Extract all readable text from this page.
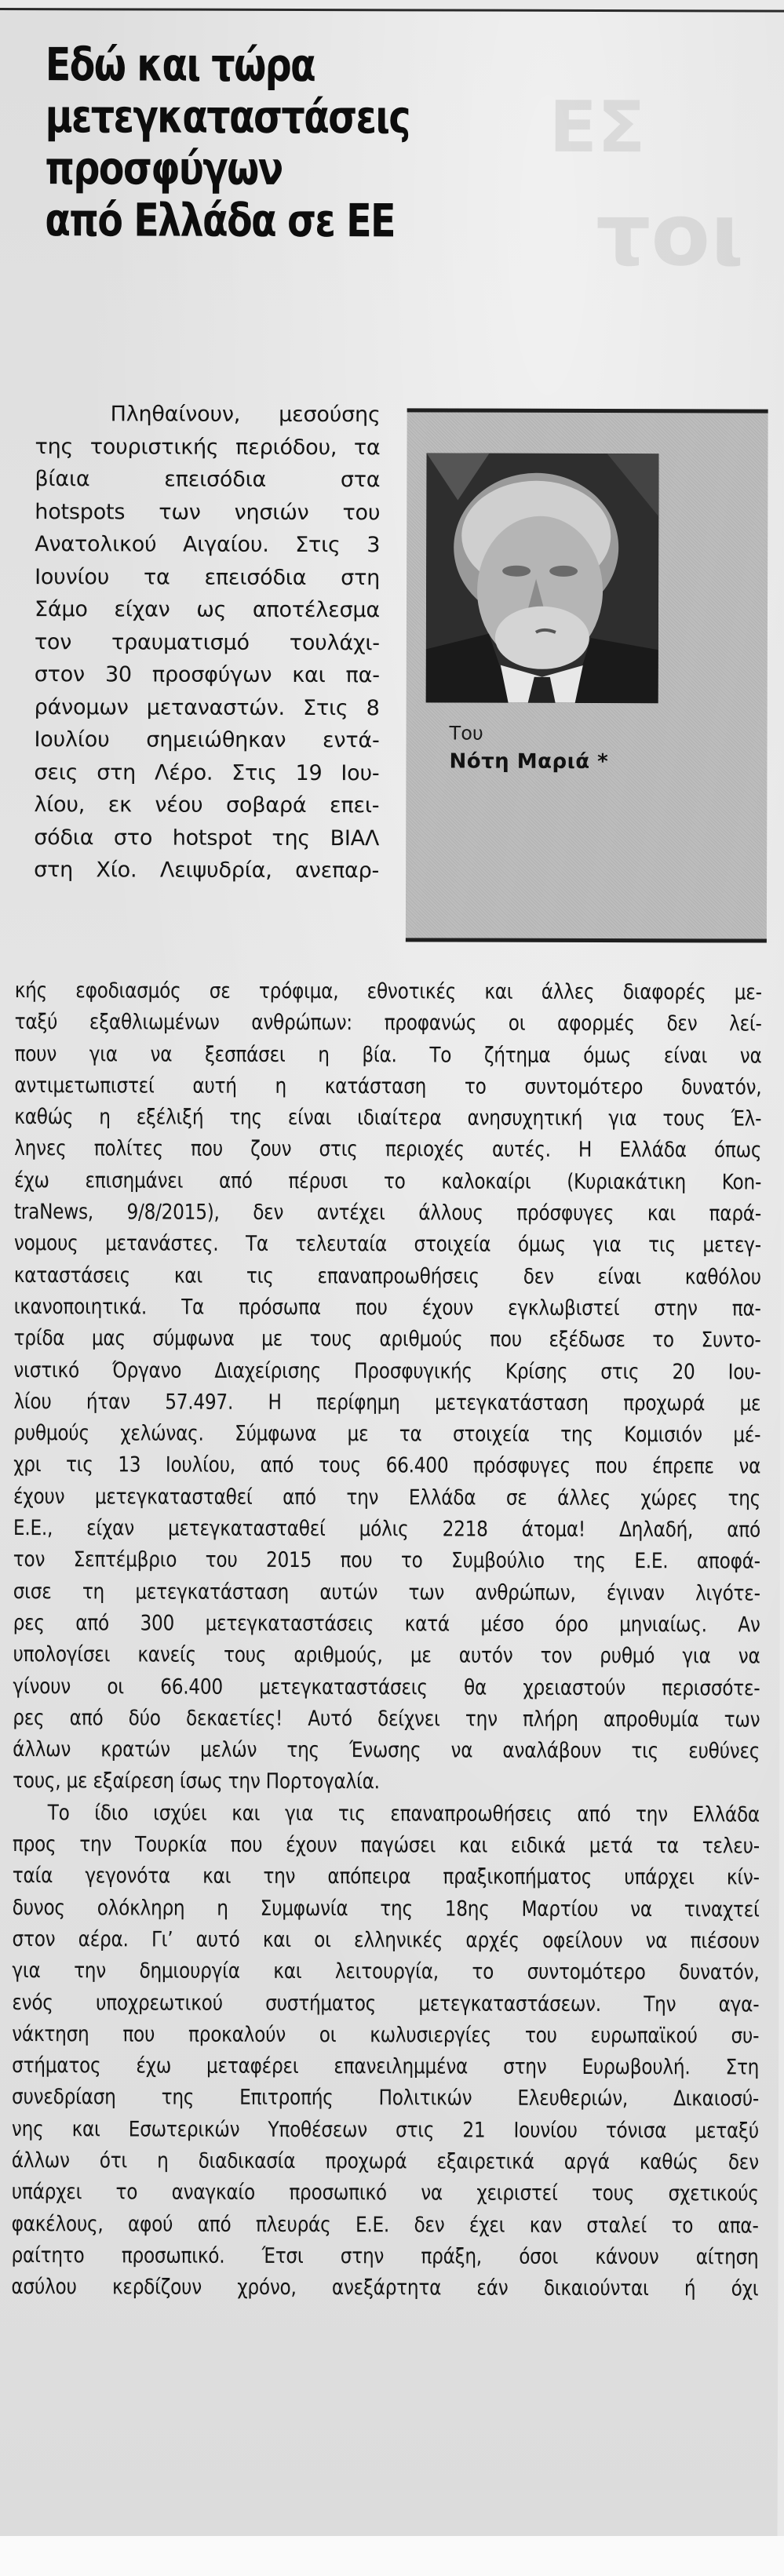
ΕΣ
τοι
Εδώ και τώρα
μετεγκαταστάσεις
προσφύγων
από Ελλάδα σε ΕΕ
Πληθαίνουν, μεσούσης
της τουριστικής περιόδου, τα
βίαια επεισόδια στα
hotspots των νησιών του
Ανατολικού Αιγαίου. Στις 3
Ιουνίου τα επεισόδια στη
Σάμο είχαν ως αποτέλεσμα
τον τραυματισμό τουλάχι-
στον 30 προσφύγων και πα-
ράνομων μεταναστών. Στις 8
Ιουλίου σημειώθηκαν εντά-
σεις στη Λέρο. Στις 19 Ιου-
λίου, εκ νέου σοβαρά επει-
σόδια στο hotspot της ΒΙΑΛ
στη Χίο. Λειψυδρία, ανεπαρ-
Του
Νότη Μαριά *
κής εφοδιασμός σε τρόφιμα, εθνοτικές και άλλες διαφορές με-
ταξύ εξαθλιωμένων ανθρώπων: προφανώς οι αφορμές δεν λεί-
πουν για να ξεσπάσει η βία. Το ζήτημα όμως είναι να
αντιμετωπιστεί αυτή η κατάσταση το συντομότερο δυνατόν,
καθώς η εξέλιξή της είναι ιδιαίτερα ανησυχητική για τους Έλ-
ληνες πολίτες που ζουν στις περιοχές αυτές. Η Ελλάδα όπως
έχω επισημάνει από πέρυσι το καλοκαίρι (Κυριακάτικη Kon-
traNews, 9/8/2015), δεν αντέχει άλλους πρόσφυγες και παρά-
νομους μετανάστες. Τα τελευταία στοιχεία όμως για τις μετεγ-
καταστάσεις και τις επαναπροωθήσεις δεν είναι καθόλου
ικανοποιητικά. Τα πρόσωπα που έχουν εγκλωβιστεί στην πα-
τρίδα μας σύμφωνα με τους αριθμούς που εξέδωσε το Συντο-
νιστικό Όργανο Διαχείρισης Προσφυγικής Κρίσης στις 20 Ιου-
λίου ήταν 57.497. Η περίφημη μετεγκατάσταση προχωρά με
ρυθμούς χελώνας. Σύμφωνα με τα στοιχεία της Κομισιόν μέ-
χρι τις 13 Ιουλίου, από τους 66.400 πρόσφυγες που έπρεπε να
έχουν μετεγκατασταθεί από την Ελλάδα σε άλλες χώρες της
Ε.Ε., είχαν μετεγκατασταθεί μόλις 2218 άτομα! Δηλαδή, από
τον Σεπτέμβριο του 2015 που το Συμβούλιο της Ε.Ε. αποφά-
σισε τη μετεγκατάσταση αυτών των ανθρώπων, έγιναν λιγότε-
ρες από 300 μετεγκαταστάσεις κατά μέσο όρο μηνιαίως. Αν
υπολογίσει κανείς τους αριθμούς, με αυτόν τον ρυθμό για να
γίνουν οι 66.400 μετεγκαταστάσεις θα χρειαστούν περισσότε-
ρες από δύο δεκαετίες! Αυτό δείχνει την πλήρη απροθυμία των
άλλων κρατών μελών της Ένωσης να αναλάβουν τις ευθύνες
τους, με εξαίρεση ίσως την Πορτογαλία.
Το ίδιο ισχύει και για τις επαναπροωθήσεις από την Ελλάδα
προς την Τουρκία που έχουν παγώσει και ειδικά μετά τα τελευ-
ταία γεγονότα και την απόπειρα πραξικοπήματος υπάρχει κίν-
δυνος ολόκληρη η Συμφωνία της 18ης Μαρτίου να τιναχτεί
στον αέρα. Γι’ αυτό και οι ελληνικές αρχές οφείλουν να πιέσουν
για την δημιουργία και λειτουργία, το συντομότερο δυνατόν,
ενός υποχρεωτικού συστήματος μετεγκαταστάσεων. Την αγα-
νάκτηση που προκαλούν οι κωλυσιεργίες του ευρωπαϊκού συ-
στήματος έχω μεταφέρει επανειλημμένα στην Ευρωβουλή. Στη
συνεδρίαση της Επιτροπής Πολιτικών Ελευθεριών, Δικαιοσύ-
νης και Εσωτερικών Υποθέσεων στις 21 Ιουνίου τόνισα μεταξύ
άλλων ότι η διαδικασία προχωρά εξαιρετικά αργά καθώς δεν
υπάρχει το αναγκαίο προσωπικό να χειριστεί τους σχετικούς
φακέλους, αφού από πλευράς Ε.Ε. δεν έχει καν σταλεί το απα-
ραίτητο προσωπικό. Έτσι στην πράξη, όσοι κάνουν αίτηση
ασύλου κερδίζουν χρόνο, ανεξάρτητα εάν δικαιούνται ή όχι
